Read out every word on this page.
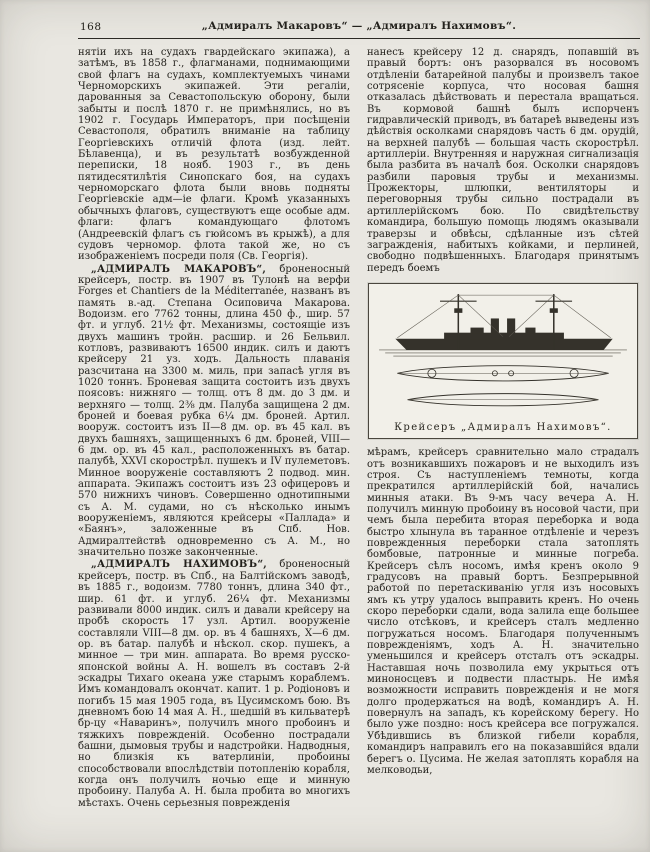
168	„Адмиралъ Макаровъ“ — „Адмиралъ Нахимовъ“.

нятіи ихъ на судахъ гвардейскаго экипажа), а затѣмъ, въ 1858 г., флагманами, поднимающими свой флагъ на судахъ, комплектуемыхъ чинами Черноморскихъ экипажей. Эти регаліи, дарованныя за Севастопольскую оборону, были забыты и послѣ 1870 г. не примѣнялись, но въ 1902 г. Государь Императоръ, при посѣщеніи Севастополя, обратилъ вниманіе на таблицу Георгіевскихъ отличій флота (изд. лейт. Бѣлавенца), и въ результатѣ возбужденной переписки, 18 нояб. 1903 г., въ день пятидесятилѣтія Синопскаго боя, на судахъ черноморскаго флота были вновь подняты Георгіевскіе адм—іе флаги. Кромѣ указанныхъ обычныхъ флаговъ, существуютъ еще особые адм. флаги: флагъ командующаго флотомъ (Андреевскій флагъ съ гюйсомъ въ крыжѣ), а для судовъ черномор. флота такой же, но съ изображеніемъ посреди поля (Св. Георгія).

„АДМИРАЛЪ МАКАРОВЪ“, броненосный крейсеръ, постр. въ 1907 въ Тулонѣ на верфи Forges et Chantiers de la Méditerranée, названъ въ память в.-ад. Степана Осиповича Макарова. Водоизм. его 7762 тонны, длина 450 ф., шир. 57 фт. и углуб. 21½ фт. Механизмы, состоящіе изъ двухъ машинъ тройн. расшир. и 26 Бельвил. котловъ, развиваютъ 16500 индик. силъ и даютъ крейсеру 21 уз. ходъ. Дальность плаванія разсчитана на 3300 м. миль, при запасѣ угля въ 1020 тоннъ. Броневая защита состоитъ изъ двухъ поясовъ: нижняго — толщ. отъ 8 дм. до 3 дм. и верхняго — толщ. 2⅜ дм. Палуба защищена 2 дм. броней и боевая рубка 6¼ дм. броней. Артил. вооруж. состоитъ изъ II—8 дм. ор. въ 45 кал. въ двухъ башняхъ, защищенныхъ 6 дм. броней, VIII—6 дм. ор. въ 45 кал., расположенныхъ въ батар. палубѣ, XXVI скорострѣл. пушекъ и IV пулеметовъ. Минное вооруженіе составляютъ 2 подвод. мин. аппарата. Экипажъ состоитъ изъ 23 офицеровъ и 570 нижнихъ чиновъ. Совершенно однотипными съ А. М. судами, но съ нѣсколько инымъ вооруженіемъ, являются крейсеры «Паллада» и «Баянъ», заложенные въ Спб. Нов. Адмиралтействѣ одновременно съ А. М., но значительно позже законченные.

„АДМИРАЛЪ НАХИМОВЪ“, броненосный крейсеръ, постр. въ Спб., на Балтійскомъ заводѣ, въ 1885 г., водоизм. 7780 тоннъ, длина 340 фт., шир. 61 фт. и углуб. 26¼ фт. Механизмы развивали 8000 индик. силъ и давали крейсеру на пробѣ скорость 17 узл. Артил. вооруженіе составляли VIII—8 дм. ор. въ 4 башняхъ, X—6 дм. ор. въ батар. палубѣ и нѣскол. скор. пушекъ, а минное — три мин. аппарата. Во время русско-японской войны А. Н. вошелъ въ составъ 2-й эскадры Тихаго океана уже старымъ кораблемъ. Имъ командовалъ окончат. капит. 1 р. Родіоновъ и погибъ 15 мая 1905 года, въ Цусимскомъ бою. Въ дневномъ бою 14 мая А. Н., шедшій въ кильватерѣ бр-цу «Наваринъ», получилъ много пробоинъ и тяжкихъ поврежденій. Особенно пострадали башни, дымовыя трубы и надстройки. Надводныя, но близкія къ ватерлиніи, пробоины способствовали впослѣдствіи потопленію корабля, когда онъ получилъ ночью еще и минную пробоину. Палуба А. Н. была пробита во многихъ мѣстахъ. Очень серьезныя поврежденія

нанесъ крейсеру 12 д. снарядъ, попавшій въ правый бортъ: онъ разорвался въ носовомъ отдѣленіи батарейной палубы и произвелъ такое сотрясеніе корпуса, что носовая башня отказалась дѣйствовать и перестала вращаться. Въ кормовой башнѣ былъ испорченъ гидравлическій приводъ, въ батареѣ выведены изъ дѣйствія осколками снарядовъ часть 6 дм. орудій, на верхней палубѣ — большая часть скорострѣл. артиллеріи. Внутренняя и наружная сигнализація была разбита въ началѣ боя. Осколки снарядовъ разбили паровыя трубы и механизмы. Прожекторы, шлюпки, вентиляторы и переговорныя трубы сильно пострадали въ артиллерійскомъ бою. По свидѣтельству командира, большую помощь людямъ оказывали траверзы и обвѣсы, сдѣланные изъ сѣтей загражденія, набитыхъ койками, и перлиней, свободно подвѣшенныхъ. Благодаря принятымъ передъ боемъ

Крейсеръ „Адмиралъ Нахимовъ“.

мѣрамъ, крейсеръ сравнительно мало страдалъ отъ возникавшихъ пожаровъ и не выходилъ изъ строя. Съ наступленіемъ темноты, когда прекратился артиллерійскій бой, начались минныя атаки. Въ 9-мъ часу вечера А. Н. получилъ минную пробоину въ носовой части, при чемъ была перебита вторая переборка и вода быстро хлынула въ таранное отдѣленіе и черезъ поврежденныя переборки стала затоплять бомбовые, патронные и минные погреба. Крейсеръ сѣлъ носомъ, имѣя кренъ около 9 градусовъ на правый бортъ. Безпрерывной работой по перетаскиванію угля изъ носовыхъ ямъ къ утру удалось выправить кренъ. Но очень скоро переборки сдали, вода залила еще большее число отсѣковъ, и крейсеръ сталъ медленно погружаться носомъ. Благодаря полученнымъ поврежденіямъ, ходъ А. Н. значительно уменьшился и крейсеръ отсталъ отъ эскадры. Наставшая ночь позволила ему укрыться отъ миноносцевъ и подвести пластырь. Не имѣя возможности исправить поврежденія и не могя долго продержаться на водѣ, командиръ А. Н. повернулъ на западъ, къ корейскому берегу. Но было уже поздно: носъ крейсера все погружался. Убѣдившись въ близкой гибели корабля, командиръ направилъ его на показавшійся вдали берегъ о. Цусима. Не желая затоплять корабля на мелководьи,
